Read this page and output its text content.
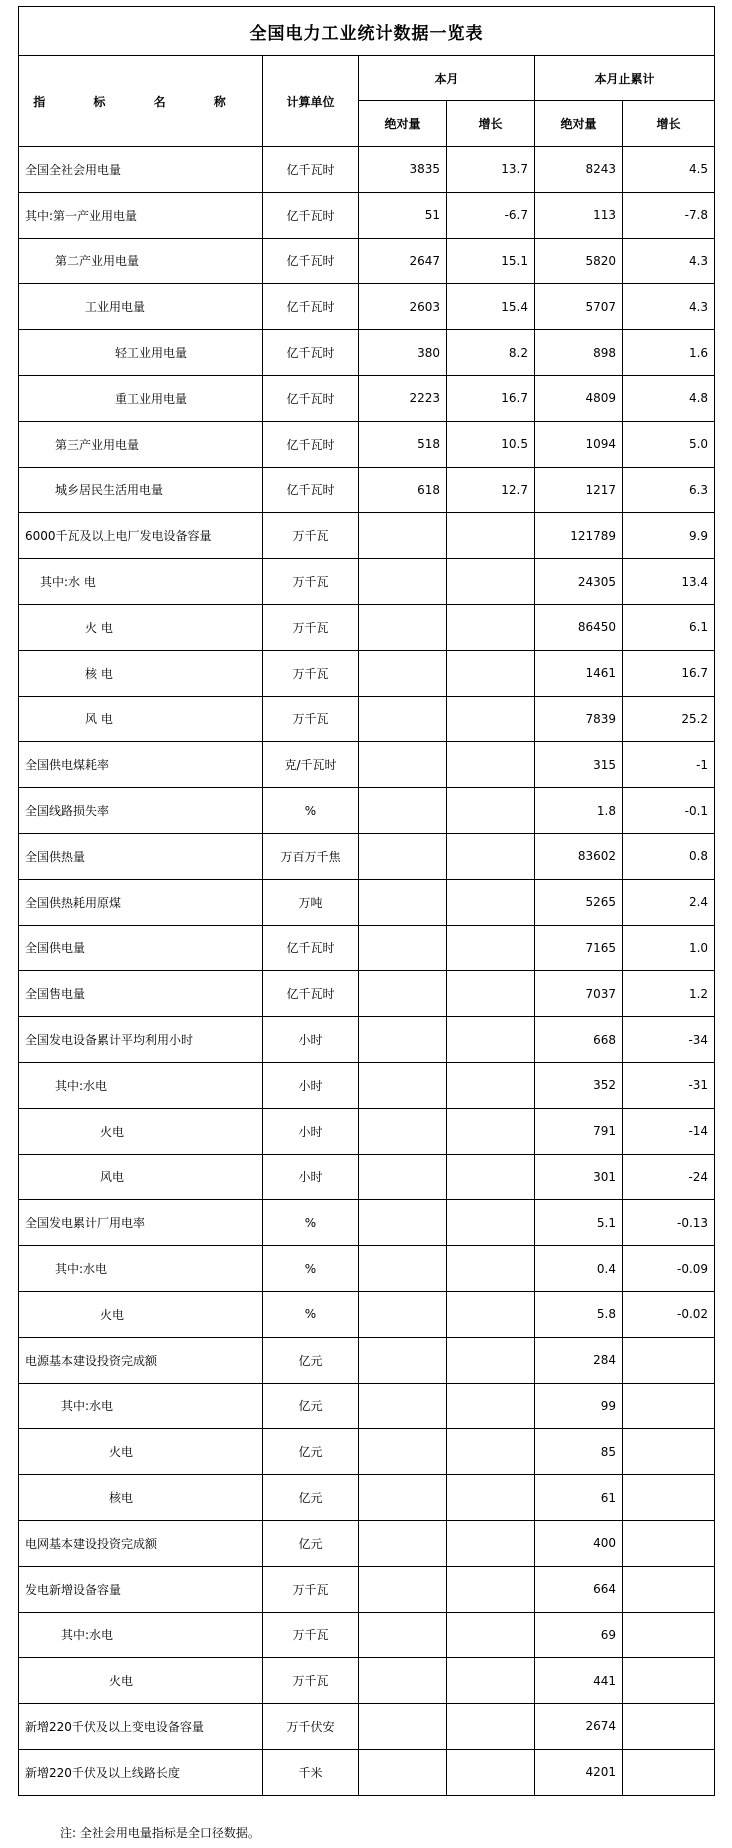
全国电力工业统计数据一览表					
指 标 名 称	计算单位	本月		本月止累计	
		绝对量	增长	绝对量	增长
全国全社会用电量	亿千瓦时	3835	13.7	8243	4.5
其中:第一产业用电量	亿千瓦时	51	-6.7	113	-7.8
第二产业用电量	亿千瓦时	2647	15.1	5820	4.3
工业用电量	亿千瓦时	2603	15.4	5707	4.3
轻工业用电量	亿千瓦时	380	8.2	898	1.6
重工业用电量	亿千瓦时	2223	16.7	4809	4.8
第三产业用电量	亿千瓦时	518	10.5	1094	5.0
城乡居民生活用电量	亿千瓦时	618	12.7	1217	6.3
6000千瓦及以上电厂发电设备容量	万千瓦			121789	9.9
其中:水 电	万千瓦			24305	13.4
火 电	万千瓦			86450	6.1
核 电	万千瓦			1461	16.7
风 电	万千瓦			7839	25.2
全国供电煤耗率	克/千瓦时			315	-1
全国线路损失率	%			1.8	-0.1
全国供热量	万百万千焦			83602	0.8
全国供热耗用原煤	万吨			5265	2.4
全国供电量	亿千瓦时			7165	1.0
全国售电量	亿千瓦时			7037	1.2
全国发电设备累计平均利用小时	小时			668	-34
其中:水电	小时			352	-31
火电	小时			791	-14
风电	小时			301	-24
全国发电累计厂用电率	%			5.1	-0.13
其中:水电	%			0.4	-0.09
火电	%			5.8	-0.02
电源基本建设投资完成额	亿元			284	
其中:水电	亿元			99	
火电	亿元			85	
核电	亿元			61	
电网基本建设投资完成额	亿元			400	
发电新增设备容量	万千瓦			664	
其中:水电	万千瓦			69	
火电	万千瓦			441	
新增220千伏及以上变电设备容量	万千伏安			2674	
新增220千伏及以上线路长度	千米			4201	
注: 全社会用电量指标是全口径数据。
